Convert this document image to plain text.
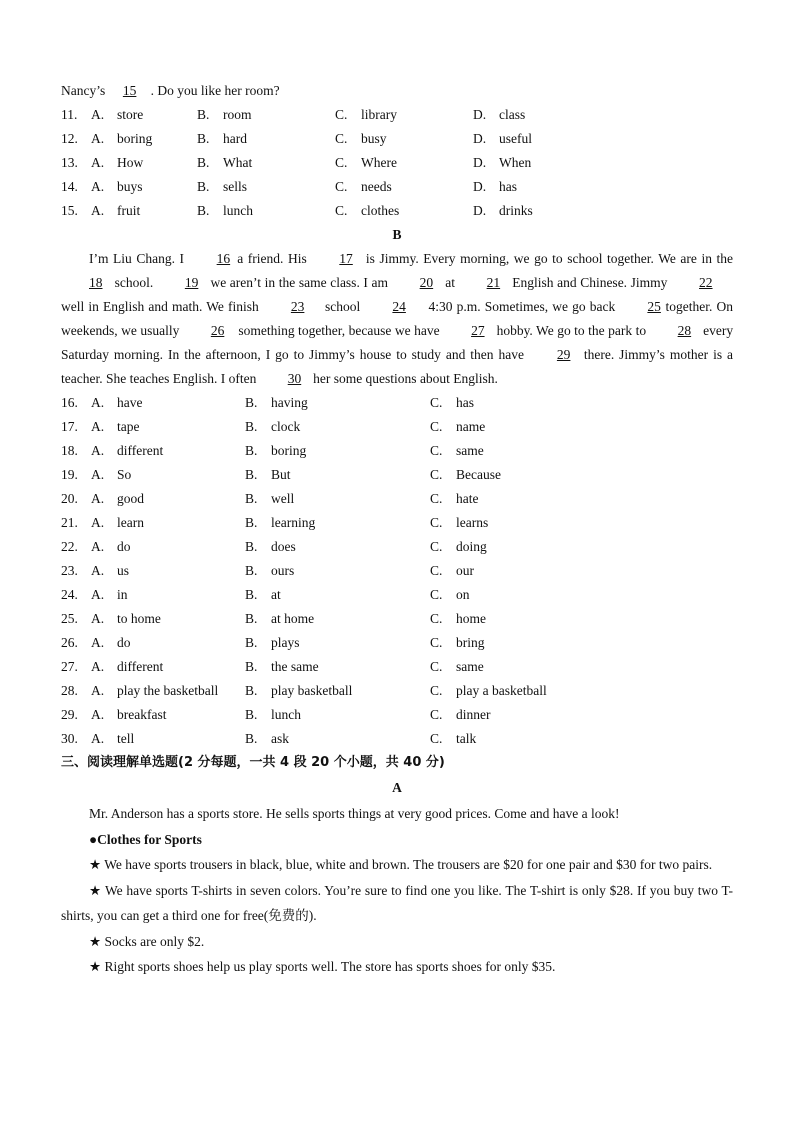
Nancy’s 15 . Do you like her room?
11.	A. store	B. room	C. library	D. class
12. A. boring	B. hard	C. busy	D. useful
13. A. How	B. What	C. Where	D. When
14. A. buys	B. sells	C. needs	D. has
15. A. fruit	B. lunch	C. clothes	D. drinks
B
I’m Liu Chang. I 16 a friend. His 17 is Jimmy. Every morning, we go to school together. We are in the 18 school. 19 we aren’t in the same class. I am 20 at 21 English and Chinese. Jimmy 22 well in English and math. We finish 23 school 24 4:30 p.m. Sometimes, we go back 25 together. On weekends, we usually 26 something together, because we have 27 hobby. We go to the park to 28 every Saturday morning. In the afternoon, I go to Jimmy’s house to study and then have 29 there. Jimmy’s mother is a teacher. She teaches English. I often 30 her some questions about English.
16. A. have	B. having	C. has
17. A. tape	B. clock	C. name
18. A. different	B. boring	C. same
19. A. So	B. But	C. Because
20. A. good	B. well	C. hate
21. A. learn	B. learning	C. learns
22. A. do	B. does	C. doing
23. A. us	B. ours	C. our
24. A. in	B. at	C. on
25. A. to home	B. at home	C. home
26. A. do	B. plays	C. bring
27. A. different	B. the same	C. same
28. A. play the basketball	B. play basketball	C. play a basketball
29. A. breakfast	B. lunch	C. dinner
30. A. tell	B. ask	C. talk
三、阅读理解单选题(2 分每题，一共 4 段 20 个小题，共 40 分)
A

Mr. Anderson has a sports store. He sells sports things at very good prices. Come and have a look!

●Clothes for Sports

★ We have sports trousers in black, blue, white and brown. The trousers are $20 for one pair and $30 for two pairs.

★ We have sports T-shirts in seven colors. You’re sure to find one you like. The T-shirt is only $28. If you buy two T-shirts, you can get a third one for free(免费的).

★ Socks are only $2.

★ Right sports shoes help us play sports well. The store has sports shoes for only $35.
